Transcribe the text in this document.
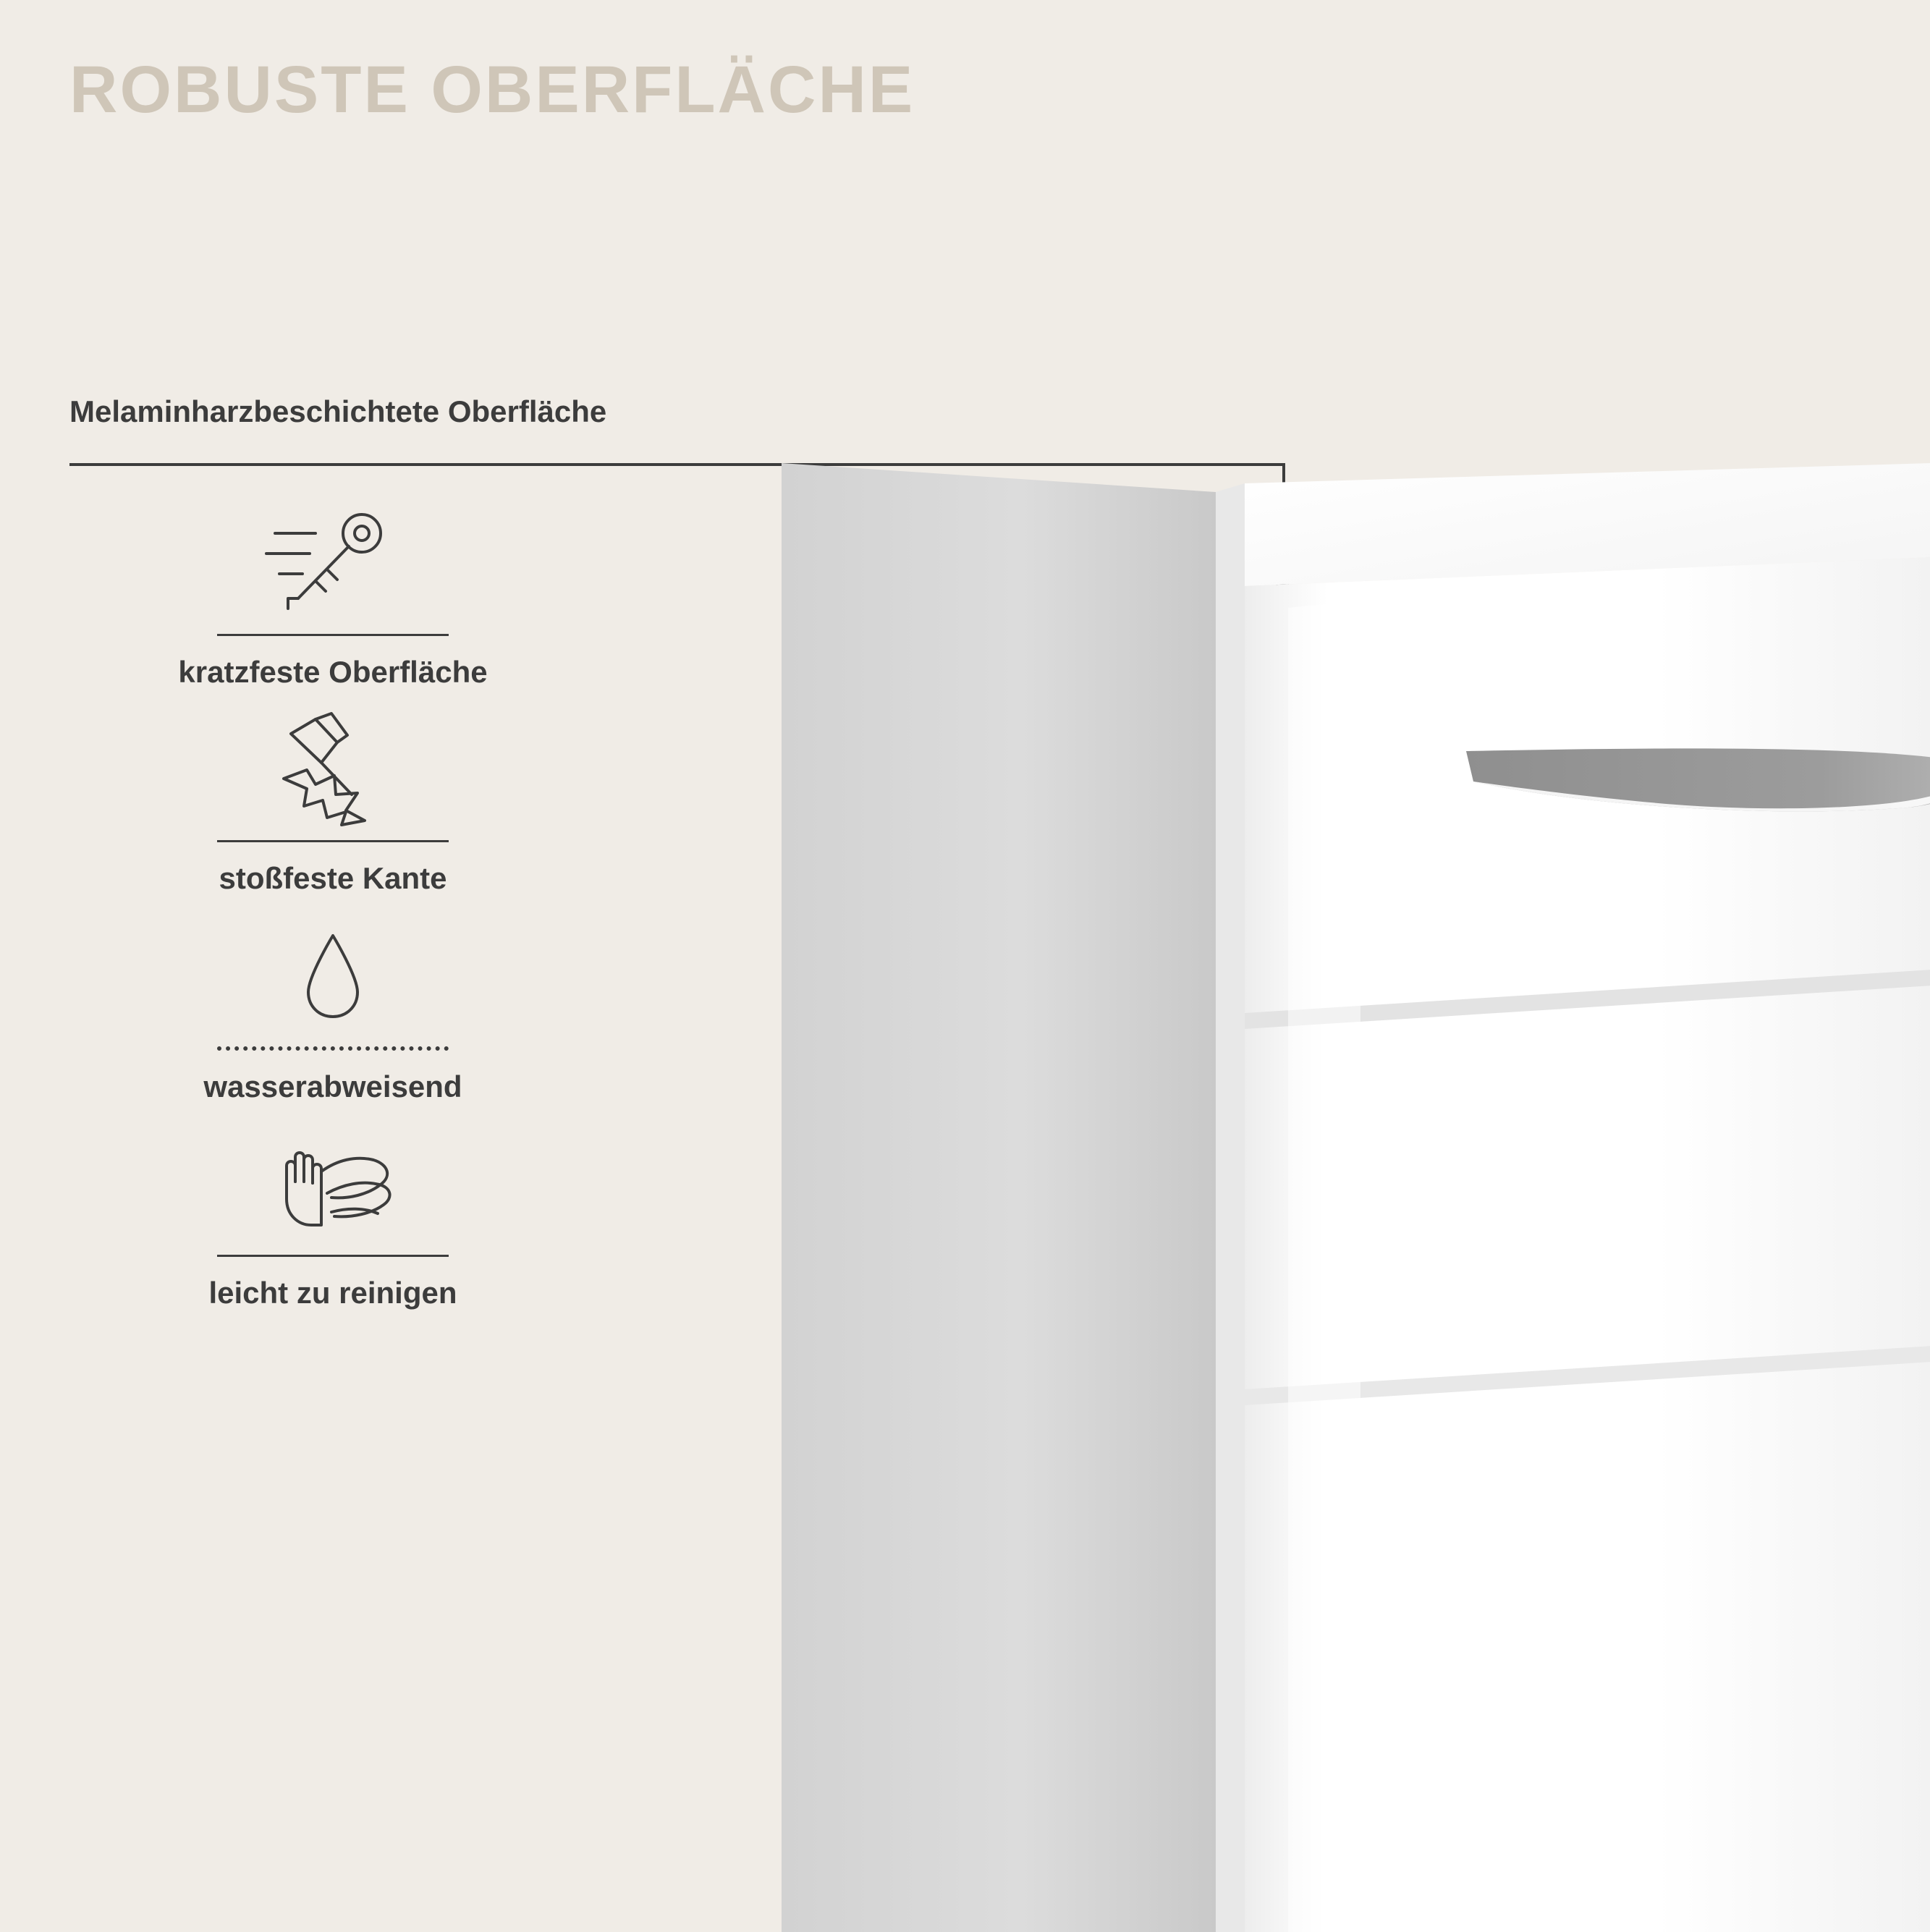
ROBUSTE OBERFLÄCHE
Melaminharzbeschichtete Oberfläche
kratzfeste Oberfläche
stoßfeste Kante
wasserabweisend
leicht zu reinigen
